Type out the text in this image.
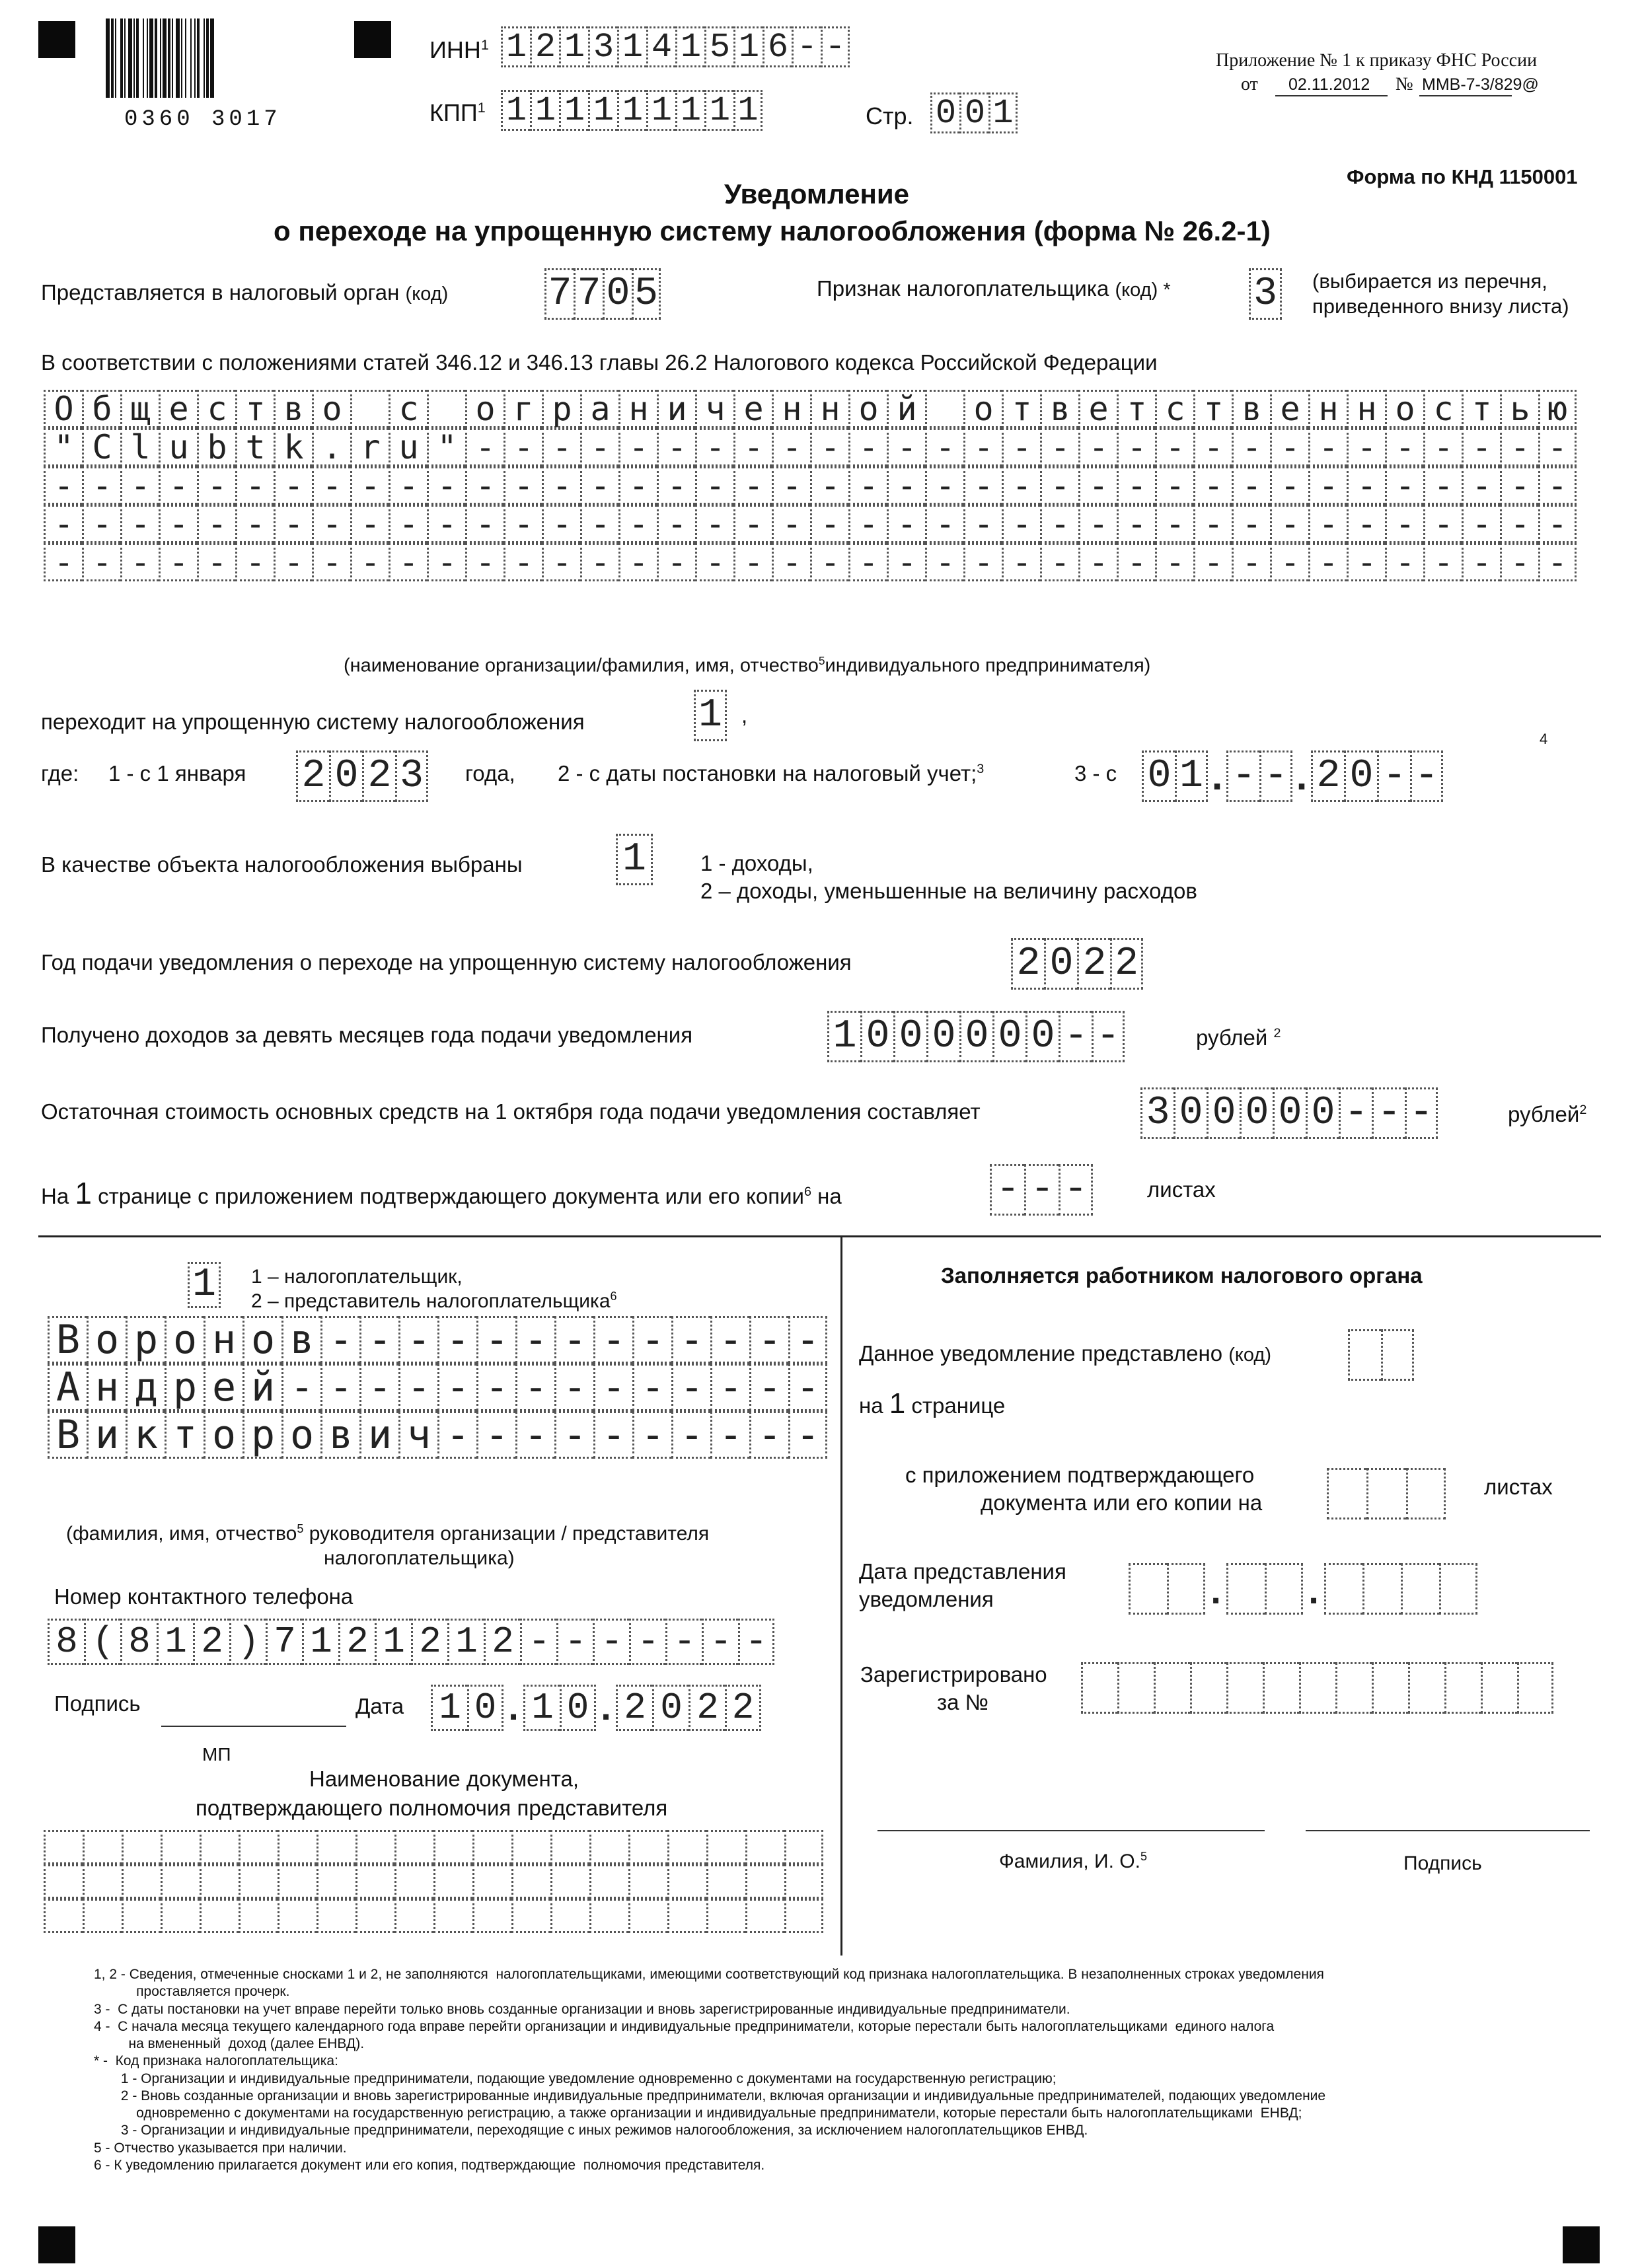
0360 3017
ИНН$^1$ 1 2 1 3 1 4 1 5 1 6 - -
КПП$^1$ 1 1 1 1 1 1 1 1 1	Стр. 0 0 1
Приложение № 1 к приказу ФНС России
от 02.11.2012 № ММВ-7-3/829@
Форма по КНД 1150001
Уведомление
о переходе на упрощенную систему налогообложения (форма № 26.2-1)
Представляется в налоговый орган (код)	7 7 0 5	Признак налогоплательщика (код) * 3 (выбирается из перечня,
приведенного внизу листа)
В соответствии с положениями статей 346.12 и 346.13 главы 26.2 Налогового кодекса Российской Федерации
О б щ е с т в о	с	о г р а н и ч е н н о й	о т в е т с т в е н н о с т ь ю
" C l u b t k . r u " - - - - - - - - - - - - - - - - - - - - - - - - - - - - -
- - - - - - - - - - - - - - - - - - - - - - - - - - - - - - - - - - - - - - - -
- - - - - - - - - - - - - - - - - - - - - - - - - - - - - - - - - - - - - - - -
- - - - - - - - - - - - - - - - - - - - - - - - - - - - - - - - - - - - - - - -
(наименование организации/фамилия, имя, отчество$^5$индивидуального предпринимателя)
переходит на упрощенную систему налогообложения	1 ,
где: 1 - с 1 января 2 0 2 3 года, 2 - с даты постановки на налоговый учет;$^3$	3 - с 0 1 . - - . 2 0 - -
4
В качестве объекта налогообложения выбраны	1	1 - доходы,
2 – доходы, уменьшенные на величину расходов
Год подачи уведомления о переходе на упрощенную систему налогообложения	2 0 2 2
Получено доходов за девять месяцев года подачи уведомления	1 0 0 0 0 0 0 - -	рублей $^2$
Остаточная стоимость основных средств на 1 октября года подачи уведомления составляет	3 0 0 0 0 0 - - -	рублей$^2$
На 1 странице с приложением подтверждающего документа или его копии$^6$ на	- - -	листах
1 1 – налогоплательщик,
2 – представитель налогоплательщика$^6$
В о р о н о в - - - - - - - - - - - - -
А н д р е й - - - - - - - - - - - - - -
В и к т о р о в и ч - - - - - - - - - -
(фамилия, имя, отчество$^5$ руководителя организации / представителя
налогоплательщика)
Номер контактного телефона
8 ( 8 1 2 ) 7 1 2 1 2 1 2 - - - - - - -
Подпись	Дата 1 0 . 1 0 . 2 0 2 2
МП
Наименование документа,
подтверждающего полномочия представителя
Заполняется работником налогового органа
Данное уведомление представлено (код)
на 1 странице
с приложением подтверждающего
документа или его копии на
листах
Дата представления
уведомления	. .
Зарегистрировано
за №
Фамилия, И. О.$^5$	Подпись
1, 2 - Сведения, отмеченные сносками 1 и 2, не заполняются  налогоплательщиками, имеющими соответствующий код признака налогоплательщика. В незаполненных строках уведомления
проставляется прочерк.
3 -  С даты постановки на учет вправе перейти только вновь созданные организации и вновь зарегистрированные индивидуальные предприниматели.
4 -  С начала месяца текущего календарного года вправе перейти организации и индивидуальные предприниматели, которые перестали быть налогоплательщиками  единого налога
на вмененный  доход (далее ЕНВД).
* -  Код признака налогоплательщика:
1 - Организации и индивидуальные предприниматели, подающие уведомление одновременно с документами на государственную регистрацию;
2 - Вновь созданные организации и вновь зарегистрированные индивидуальные предприниматели, включая организации и индивидуальные предпринимателей, подающих уведомление
одновременно с документами на государственную регистрацию, а также организации и индивидуальные предприниматели, которые перестали быть налогоплательщиками  ЕНВД;
3 - Организации и индивидуальные предприниматели, переходящие с иных режимов налогообложения, за исключением налогоплательщиков ЕНВД.
5 - Отчество указывается при наличии.
6 - К уведомлению прилагается документ или его копия, подтверждающие  полномочия представителя.
